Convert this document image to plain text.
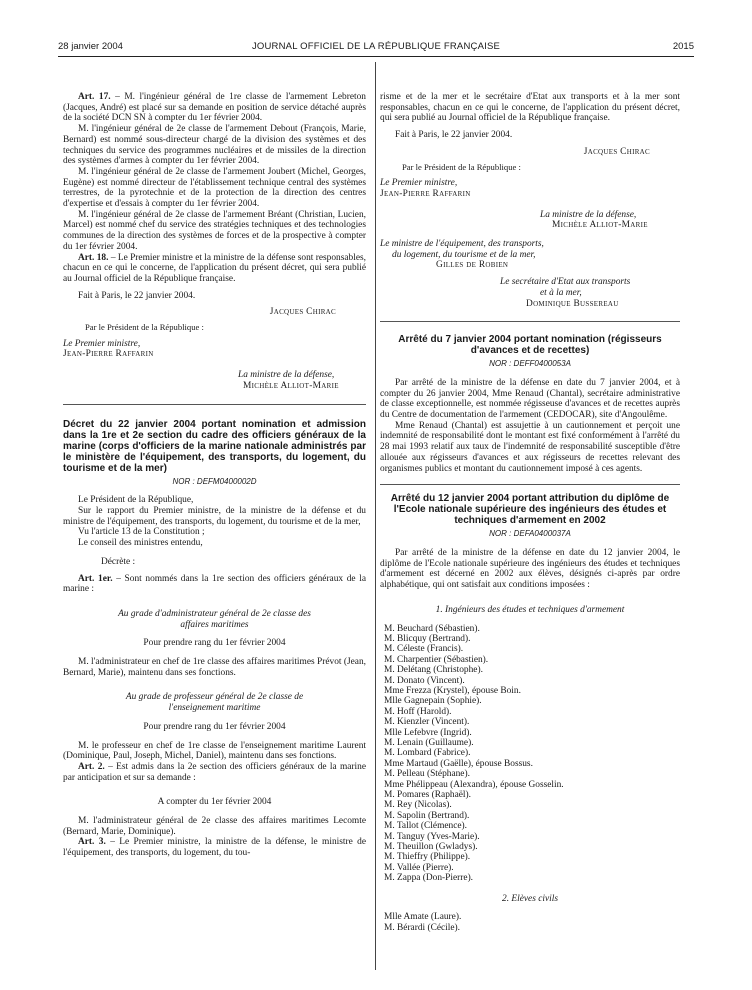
28 janvier 2004	JOURNAL OFFICIEL DE LA RÉPUBLIQUE FRANÇAISE	2015

Art. 17. – M. l'ingénieur général de 1re classe de l'armement Lebreton (Jacques, André) est placé sur sa demande en position de service détaché auprès de la société DCN SN à compter du 1er février 2004.

M. l'ingénieur général de 2e classe de l'armement Debout (François, Marie, Bernard) est nommé sous-directeur chargé de la division des systèmes et des techniques du service des programmes nucléaires et de missiles de la direction des systèmes d'armes à compter du 1er février 2004.

M. l'ingénieur général de 2e classe de l'armement Joubert (Michel, Georges, Eugène) est nommé directeur de l'établissement technique central des systèmes terrestres, de la pyrotechnie et de la protection de la direction des centres d'expertise et d'essais à compter du 1er février 2004.

M. l'ingénieur général de 2e classe de l'armement Bréant (Christian, Lucien, Marcel) est nommé chef du service des stratégies techniques et des technologies communes de la direction des systèmes de forces et de la prospective à compter du 1er février 2004.

Art. 18. – Le Premier ministre et la ministre de la défense sont responsables, chacun en ce qui le concerne, de l'application du présent décret, qui sera publié au Journal officiel de la République française.

Fait à Paris, le 22 janvier 2004.

Jacques Chirac

Par le Président de la République :

Le Premier ministre,

Jean-Pierre Raffarin

La ministre de la défense,

Michèle Alliot-Marie

Décret du 22 janvier 2004 portant nomination et admission dans la 1re et 2e section du cadre des officiers généraux de la marine (corps d'officiers de la marine nationale administrés par le ministère de l'équipement, des transports, du logement, du tourisme et de la mer)
NOR : DEFM0400002D

Le Président de la République,

Sur le rapport du Premier ministre, de la ministre de la défense et du ministre de l'équipement, des transports, du logement, du tourisme et de la mer,

Vu l'article 13 de la Constitution ;

Le conseil des ministres entendu,

Décrète :

Art. 1er. – Sont nommés dans la 1re section des officiers généraux de la marine :

Au grade d'administrateur général de 2e classe des affaires maritimes

Pour prendre rang du 1er février 2004

M. l'administrateur en chef de 1re classe des affaires maritimes Prévot (Jean, Bernard, Marie), maintenu dans ses fonctions.

Au grade de professeur général de 2e classe de l'enseignement maritime

Pour prendre rang du 1er février 2004

M. le professeur en chef de 1re classe de l'enseignement maritime Laurent (Dominique, Paul, Joseph, Michel, Daniel), maintenu dans ses fonctions.

Art. 2. – Est admis dans la 2e section des officiers généraux de la marine par anticipation et sur sa demande :

A compter du 1er février 2004

M. l'administrateur général de 2e classe des affaires maritimes Lecomte (Bernard, Marie, Dominique).

Art. 3. – Le Premier ministre, la ministre de la défense, le ministre de l'équipement, des transports, du logement, du tou-

risme et de la mer et le secrétaire d'Etat aux transports et à la mer sont responsables, chacun en ce qui le concerne, de l'application du présent décret, qui sera publié au Journal officiel de la République française.

Fait à Paris, le 22 janvier 2004.

Jacques Chirac

Par le Président de la République :

Le Premier ministre,

Jean-Pierre Raffarin

La ministre de la défense,

Michèle Alliot-Marie

Le ministre de l'équipement, des transports,

du logement, du tourisme et de la mer,

Gilles de Robien

Le secrétaire d'Etat aux transports

et à la mer,

Dominique Bussereau

Arrêté du 7 janvier 2004 portant nomination (régisseurs d'avances et de recettes)
NOR : DEFF0400053A

Par arrêté de la ministre de la défense en date du 7 janvier 2004, et à compter du 26 janvier 2004, Mme Renaud (Chantal), secrétaire administrative de classe exceptionnelle, est nommée régisseuse d'avances et de recettes auprès du Centre de documentation de l'armement (CEDOCAR), site d'Angoulême.

Mme Renaud (Chantal) est assujettie à un cautionnement et perçoit une indemnité de responsabilité dont le montant est fixé conformément à l'arrêté du 28 mai 1993 relatif aux taux de l'indemnité de responsabilité susceptible d'être allouée aux régisseurs d'avances et aux régisseurs de recettes relevant des organismes publics et montant du cautionnement imposé à ces agents.

Arrêté du 12 janvier 2004 portant attribution du diplôme de l'Ecole nationale supérieure des ingénieurs des études et techniques d'armement en 2002
NOR : DEFA0400037A

Par arrêté de la ministre de la défense en date du 12 janvier 2004, le diplôme de l'Ecole nationale supérieure des ingénieurs des études et techniques d'armement est décerné en 2002 aux élèves, désignés ci-après par ordre alphabétique, qui ont satisfait aux conditions imposées :

1. Ingénieurs des études et techniques d'armement

M. Beuchard (Sébastien).
M. Blicquy (Bertrand).
M. Céleste (Francis).
M. Charpentier (Sébastien).
M. Delétang (Christophe).
M. Donato (Vincent).
Mme Frezza (Krystel), épouse Boin.
Mlle Gagnepain (Sophie).
M. Hoff (Harold).
M. Kienzler (Vincent).
Mlle Lefebvre (Ingrid).
M. Lenain (Guillaume).
M. Lombard (Fabrice).
Mme Martaud (Gaëlle), épouse Bossus.
M. Pelleau (Stéphane).
Mme Phélippeau (Alexandra), épouse Gosselin.
M. Pomares (Raphaël).
M. Rey (Nicolas).
M. Sapolin (Bertrand).
M. Tallot (Clémence).
M. Tanguy (Yves-Marie).
M. Theuillon (Gwladys).
M. Thieffry (Philippe).
M. Vallée (Pierre).
M. Zappa (Don-Pierre).

2. Elèves civils

Mlle Amate (Laure).
M. Bérardi (Cécile).
